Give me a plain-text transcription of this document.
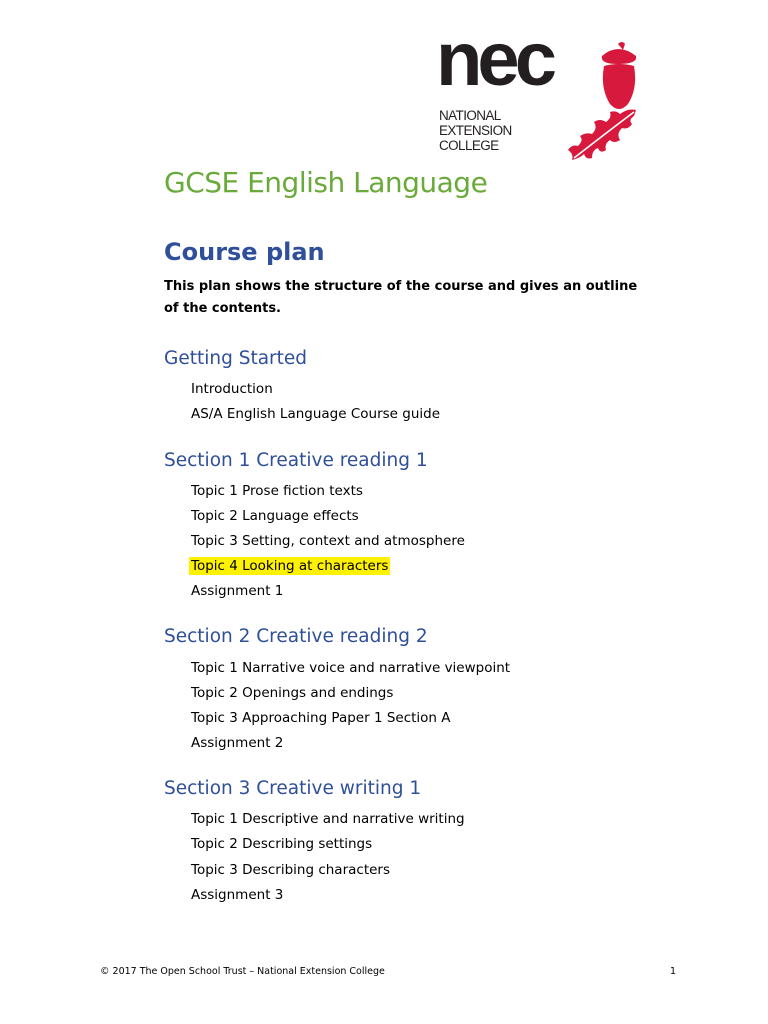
nec
NATIONAL
EXTENSION
COLLEGE
GCSE English Language
Course plan
This plan shows the structure of the course and gives an outline of the contents.
Getting Started
Introduction
AS/A English Language Course guide
Section 1 Creative reading 1
Topic 1 Prose fiction texts
Topic 2 Language effects
Topic 3 Setting, context and atmosphere
Topic 4 Looking at characters
Assignment 1
Section 2 Creative reading 2
Topic 1 Narrative voice and narrative viewpoint
Topic 2 Openings and endings
Topic 3 Approaching Paper 1 Section A
Assignment 2
Section 3 Creative writing 1
Topic 1 Descriptive and narrative writing
Topic 2 Describing settings
Topic 3 Describing characters
Assignment 3
© 2017 The Open School Trust – National Extension College	1
